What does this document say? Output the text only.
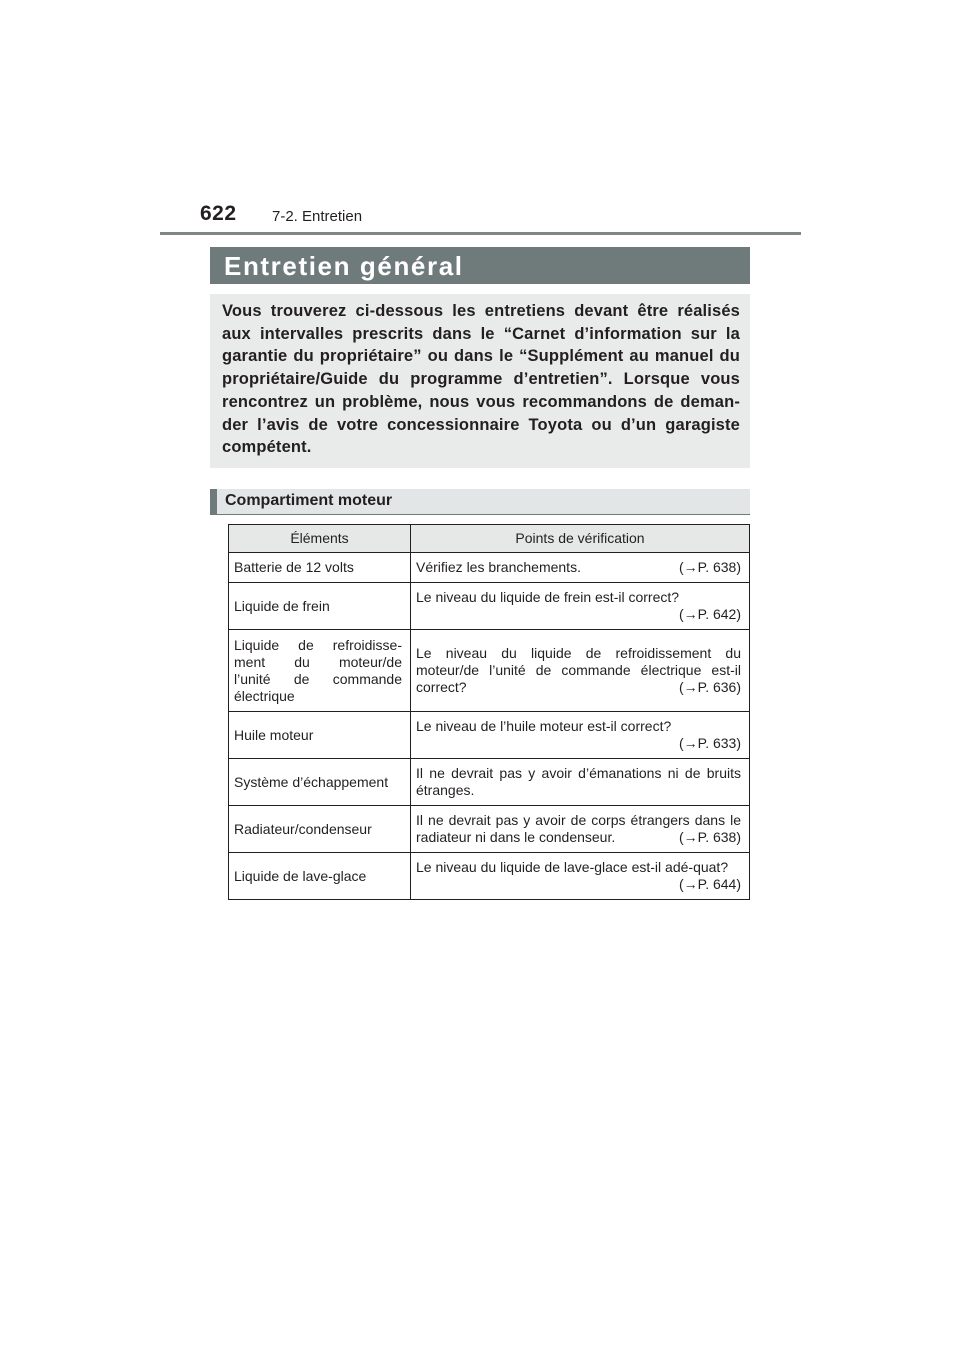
622 7-2. Entretien
Entretien général
Vous trouverez ci-dessous les entretiens devant être réalisés aux intervalles prescrits dans le “Carnet d’information sur la garantie du propriétaire” ou dans le “Supplément au manuel du propriétaire/Guide du programme d’entretien”. Lorsque vous rencontrez un problème, nous vous recommandons de deman-der l’avis de votre concessionnaire Toyota ou d’un garagiste compétent.
Compartiment moteur
Éléments	Points de vérification
Batterie de 12 volts	Vérifiez les branchements. (→P. 638)

Liquide de frein	Le niveau du liquide de frein est-il correct?
(→P. 642)

Liquide de refroidisse-
ment du moteur/de
l’unité de commande
électrique	Le niveau du liquide de refroidissement du moteur/de l’unité de commande électrique est-il correct? (→P. 636)

Huile moteur	Le niveau de l’huile moteur est-il correct?
(→P. 633)

Système d’échappement	Il ne devrait pas y avoir d’émanations ni de bruits étranges.
Radiateur/condenseur	Il ne devrait pas y avoir de corps étrangers dans le radiateur ni dans le condenseur. (→P. 638)

Liquide de lave-glace	Le niveau du liquide de lave-glace est-il adé-quat?
(→P. 644)
